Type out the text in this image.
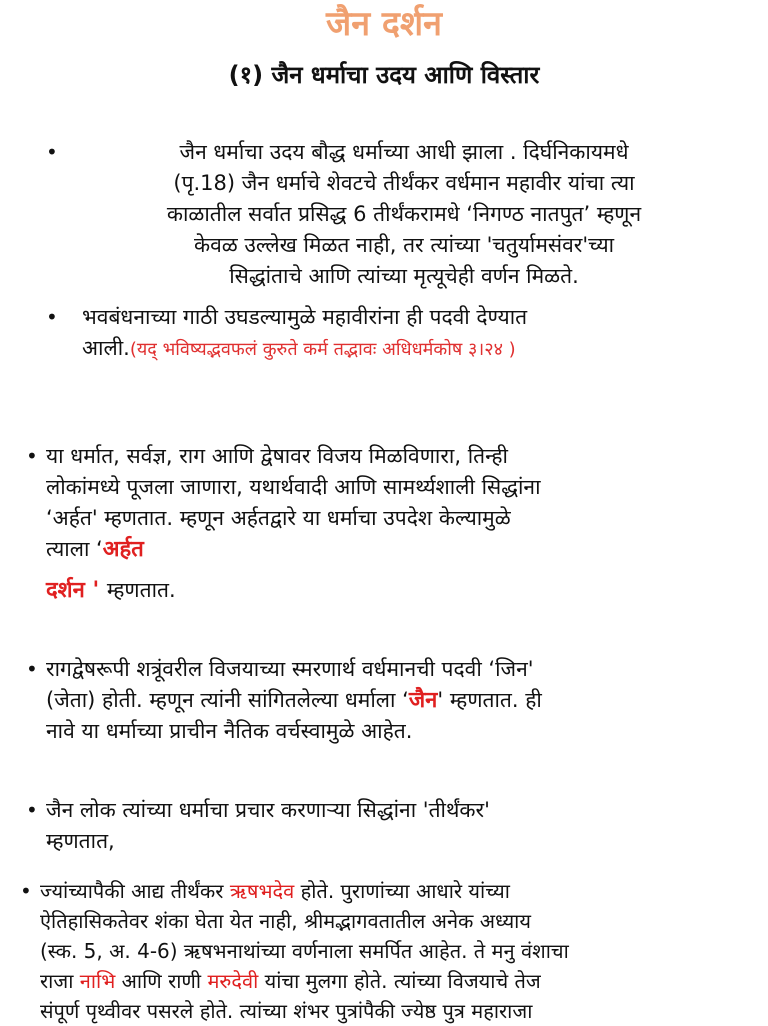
जैन दर्शन
(१) जैन धर्माचा उदय आणि विस्तार
•	जैन धर्माचा उदय बौद्ध धर्माच्या आधी झाला . दिर्घनिकायमधे
(पृ.18) जैन धर्माचे शेवटचे तीर्थंकर वर्धमान महावीर यांचा त्या
काळातील सर्वात प्रसिद्ध 6 तीर्थंकरामधे ‘निगण्ठ नातपुत’ म्हणून
केवळ उल्लेख मिळत नाही, तर त्यांच्या 'चतुर्यामसंवर'च्या
सिद्धांताचे आणि त्यांच्या मृत्यूचेही वर्णन मिळते.
• भवबंधनाच्या गाठी उघडल्यामुळे महावीरांना ही पदवी देण्यात
आली.(यद् भविष्यद्भवफलं कुरुते कर्म तद्भावः अधिधर्मकोष ३।२४ )
• या धर्मात, सर्वज्ञ, राग आणि द्वेषावर विजय मिळविणारा, तिन्ही
लोकांमध्ये पूजला जाणारा, यथार्थवादी आणि सामर्थ्यशाली सिद्धांना
‘अर्हत' म्हणतात. म्हणून अर्हतद्वारे या धर्माचा उपदेश केल्यामुळे
त्याला ‘अर्हत
दर्शन ' म्हणतात.
• रागद्वेषरूपी शत्रूंवरील विजयाच्या स्मरणार्थ वर्धमानची पदवी ‘जिन'
(जेता) होती. म्हणून त्यांनी सांगितलेल्या धर्माला ‘जैन' म्हणतात. ही
नावे या धर्माच्या प्राचीन नैतिक वर्चस्वामुळे आहेत.
• जैन लोक त्यांच्या धर्माचा प्रचार करणाऱ्या सिद्धांना 'तीर्थंकर'
म्हणतात,
• ज्यांच्यापैकी आद्य तीर्थंकर ऋषभदेव होते. पुराणांच्या आधारे यांच्या
ऐतिहासिकतेवर शंका घेता येत नाही, श्रीमद्भागवतातील अनेक अध्याय
(स्क. 5, अ. 4-6) ऋषभनाथांच्या वर्णनाला समर्पित आहेत. ते मनु वंशाचा
राजा नाभि आणि राणी मरुदेवी यांचा मुलगा होते. त्यांच्या विजयाचे तेज
संपूर्ण पृथ्वीवर पसरले होते. त्यांच्या शंभर पुत्रांपैकी ज्येष्ठ पुत्र महाराजा
